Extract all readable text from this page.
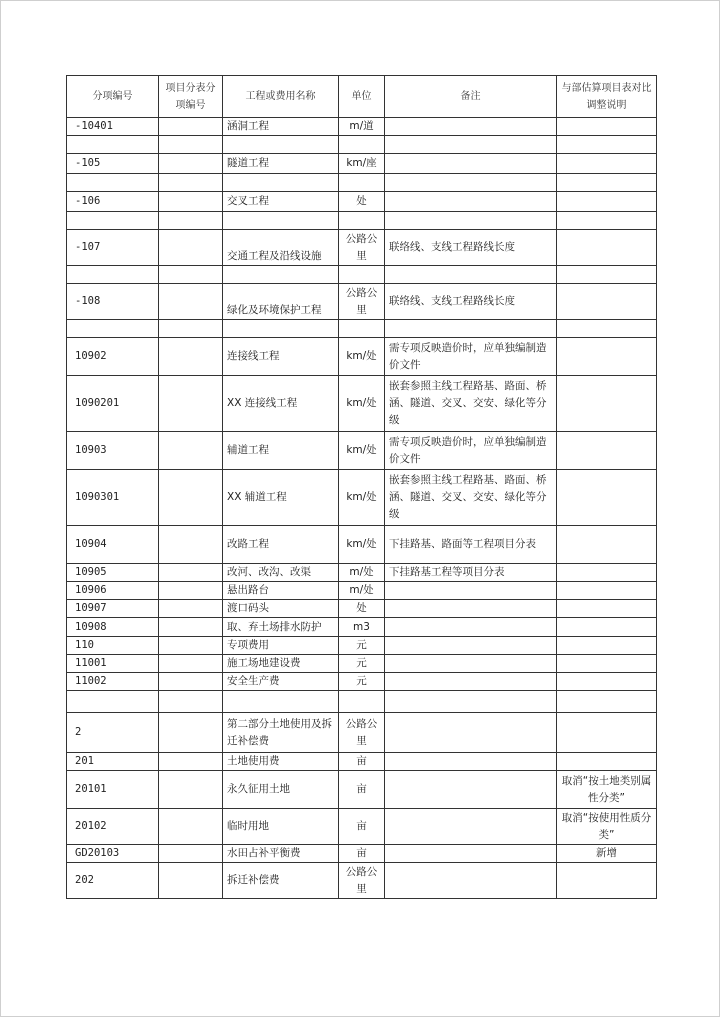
分项编号	项目分表分项编号	工程或费用名称	单位	备注	与部估算项目表对比调整说明
-10401		涵洞工程	m/道		

-105		隧道工程	km/座		

-106		交叉工程	处		

-107		交通工程及沿线设施	公路公里	联络线、支线工程路线长度	

-108		绿化及环境保护工程	公路公里	联络线、支线工程路线长度	

10902		连接线工程	km/处	需专项反映造价时，应单独编制造价文件	
1090201		XX 连接线工程	km/处	嵌套参照主线工程路基、路面、桥涵、隧道、交叉、交安、绿化等分级	
10903		辅道工程	km/处	需专项反映造价时，应单独编制造价文件	
1090301		XX 辅道工程	km/处	嵌套参照主线工程路基、路面、桥涵、隧道、交叉、交安、绿化等分级	
10904		改路工程	km/处	下挂路基、路面等工程项目分表	
10905		改河、改沟、改渠	m/处	下挂路基工程等项目分表	
10906		悬出路台	m/处		
10907		渡口码头	处		
10908		取、弃土场排水防护	m3		
110		专项费用	元		
11001		施工场地建设费	元		
11002		安全生产费	元		

2		第二部分土地使用及拆迁补偿费	公路公里		
201		土地使用费	亩		
20101		永久征用土地	亩		取消“按土地类别属性分类”
20102		临时用地	亩		取消“按使用性质分类”
GD20103		水田占补平衡费	亩		新增
202		拆迁补偿费	公路公里		
